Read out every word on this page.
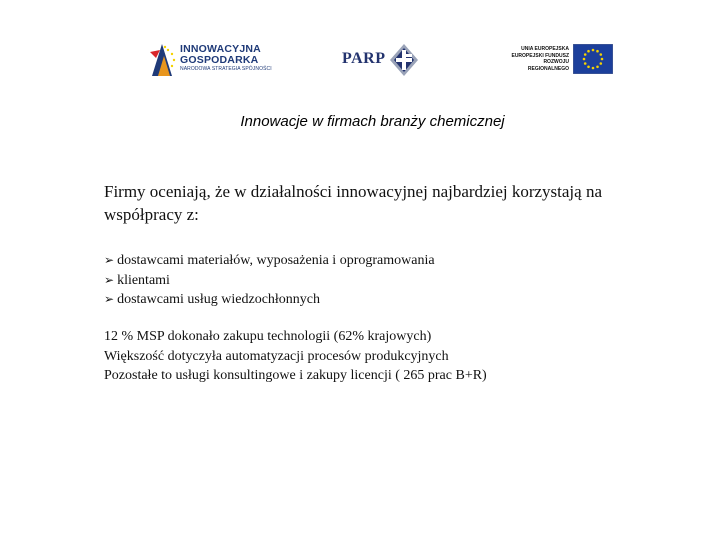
INNOWACYJNA
GOSPODARKA
NARODOWA STRATEGIA SPÓJNOŚCI
PARP
UNIA EUROPEJSKA
EUROPEJSKI FUNDUSZ
ROZWOJU REGIONALNEGO
Innowacje w firmach branży chemicznej
Firmy oceniają, że w działalności innowacyjnej najbardziej korzystają na współpracy z:
➢ dostawcami materiałów, wyposażenia i oprogramowania
➢ klientami
➢ dostawcami usług wiedzochłonnych
12 % MSP dokonało zakupu technologii (62% krajowych)
Większość dotyczyła automatyzacji procesów produkcyjnych
Pozostałe to usługi konsultingowe i zakupy licencji ( 265 prac B+R)
